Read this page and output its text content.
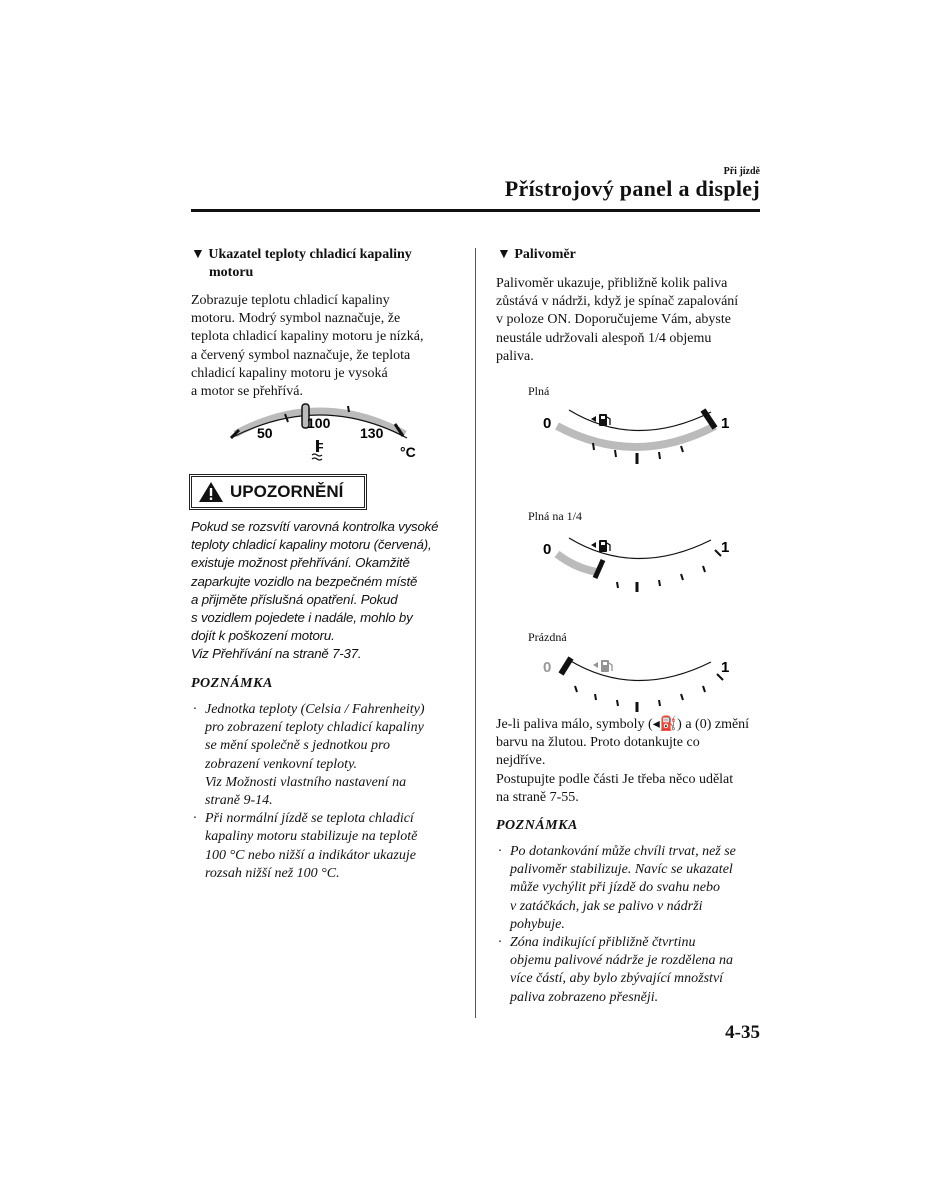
Při jízdě
Přístrojový panel a displej
▼ Ukazatel teploty chladicí kapaliny
motoru
Zobrazuje teplotu chladicí kapaliny
motoru. Modrý symbol naznačuje, že
teplota chladicí kapaliny motoru je nízká,
a červený symbol naznačuje, že teplota
chladicí kapaliny motoru je vysoká
a motor se přehřívá.
50
100
130
°C
UPOZORNĚNÍ
Pokud se rozsvítí varovná kontrolka vysoké
teploty chladicí kapaliny motoru (červená),
existuje možnost přehřívání. Okamžitě
zaparkujte vozidlo na bezpečném místě
a přijměte příslušná opatření. Pokud
s vozidlem pojedete i nadále, mohlo by
dojít k poškození motoru.
Viz Přehřívání na straně 7-37.
POZNÁMKA
· Jednotka teploty (Celsia / Fahrenheity)
pro zobrazení teploty chladicí kapaliny
se mění společně s jednotkou pro
zobrazení venkovní teploty.
Viz Možnosti vlastního nastavení na
straně 9-14.
· Při normální jízdě se teplota chladicí
kapaliny motoru stabilizuje na teplotě
100 °C nebo nižší a indikátor ukazuje
rozsah nižší než 100 °C.
▼ Palivoměr
Palivoměr ukazuje, přibližně kolik paliva
zůstává v nádrži, když je spínač zapalování
v poloze ON. Doporučujeme Vám, abyste
neustále udržovali alespoň 1/4 objemu
paliva.
Plná
0	1
Plná na 1/4
0	1
Prázdná
0	1
Je-li paliva málo, symboly (◂⛽) a (0) změní
barvu na žlutou. Proto dotankujte co
nejdříve.
Postupujte podle části Je třeba něco udělat
na straně 7-55.
POZNÁMKA
· Po dotankování může chvíli trvat, než se
palivoměr stabilizuje. Navíc se ukazatel
může vychýlit při jízdě do svahu nebo
v zatáčkách, jak se palivo v nádrži
pohybuje.
· Zóna indikující přibližně čtvrtinu
objemu palivové nádrže je rozdělena na
více částí, aby bylo zbývající množství
paliva zobrazeno přesněji.
4-35
